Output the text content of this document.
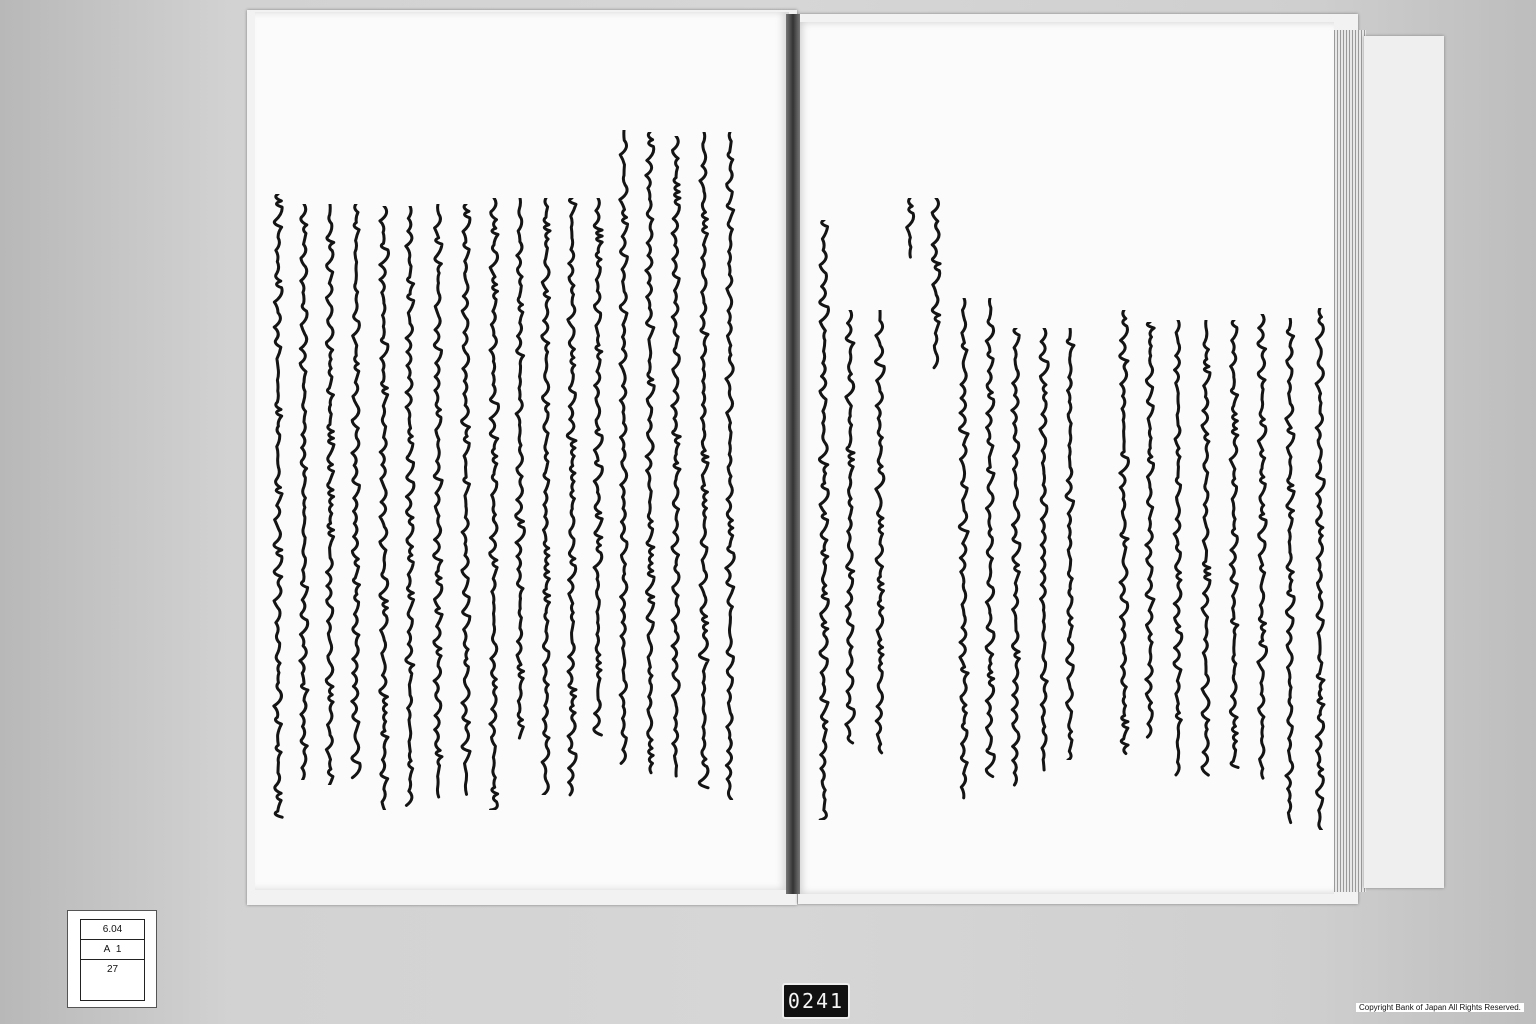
6.04
A  1
27
0241	Copyright Bank of Japan All Rights Reserved.
